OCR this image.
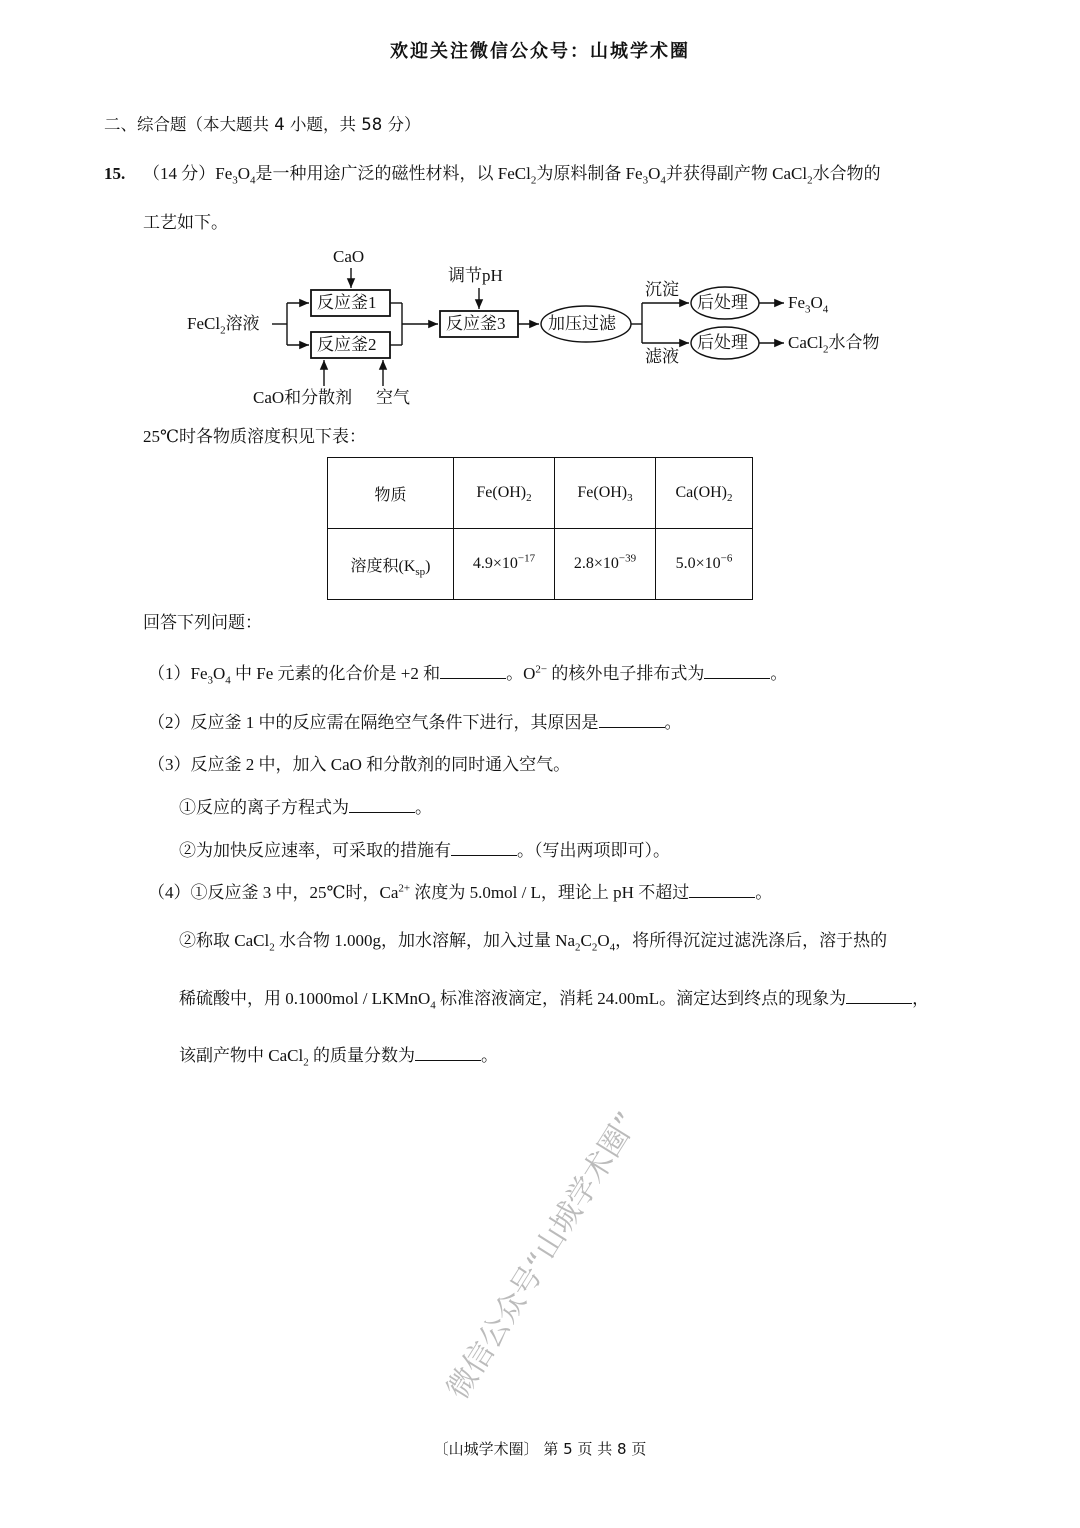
欢迎关注微信公众号：山城学术圈
二、综合题（本大题共 4 小题，共 58 分）
15. （14 分）$Fe_3O_4$是一种用途广泛的磁性材料，以 FeCl$_2$为原料制备 $Fe_3O_4$并获得副产物 CaCl$_2$水合物的
工艺如下。
FeCl$_2$溶液
CaO
反应釜1
反应釜2
CaO和分散剂 空气
调节pH
反应釜3	加压过滤
沉淀
滤液
后处理
后处理
$Fe_3O_4$
CaCl$_2$水合物
25℃时各物质溶度积见下表：
物质	$Fe(OH)_2$	$Fe(OH)_3$	$Ca(OH)_2$
溶度积$(K_{sp})$	$4.9\times 10^{-17}$	$2.8\times 10^{-39}$	$5.0\times 10^{-6}$
回答下列问题：
$(1)Fe_3O_4$ 中 Fe 元素的化合价是 +2 和	。$O^{2-}$ 的核外电子排布式为	。
（2）反应釜 1 中的反应需在隔绝空气条件下进行，其原因是	。
（3）反应釜 2 中，加入 CaO 和分散剂的同时通入空气。
①反应的离子方程式为	。
②为加快反应速率，可采取的措施有	。（写出两项即可）。
（4）①反应釜 3 中，25℃时，$Ca^{2+}$ 浓度为 5.0mol / L，理论上 pH 不超过	。
②称取 CaCl$_2$ 水合物 1.000g，加水溶解，加入过量 $Na_2C_2O_4$，将所得沉淀过滤洗涤后，溶于热的
稀硫酸中，用 0.1000mol / LKMnO$_4$ 标准溶液滴定，消耗 24.00mL。滴定达到终点的现象为	，
该副产物中 CaCl$_2$ 的质量分数为	。
微信公众号“山城学术圈”
〔山城学术圈〕 第 5 页 共 8 页
